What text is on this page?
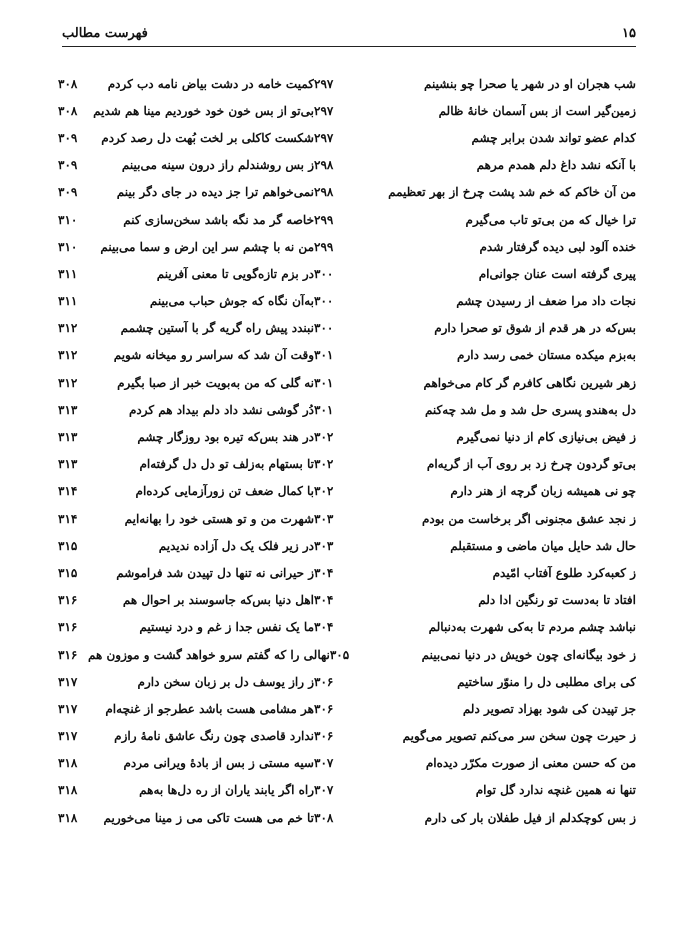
۱۵
فهرست مطالب
شب هجران او در شهر یا صحرا چو بنشینم
۲۹۷
کمیت خامه در دشت بیاض نامه دب کردم
۳۰۸
زمین‌گیر است از بس آسمان خانهٔ ظالم
۲۹۷
بی‌تو از بس خون خود خوردیم مینا هم شدیم
۳۰۸
کدام عضو تواند شدن برابر چشم
۲۹۷
شکست کاکلی بر لخت بُهت دل رصد کردم
۳۰۹
با آنکه نشد داغ دلم همدم مرهم
۲۹۸
ز بس روشندلم راز درون سینه می‌بینم
۳۰۹
من آن خاکم که خم شد پشت چرخ از بهر تعظیمم
۲۹۸
نمی‌خواهم ترا جز دیده در جای دگر بینم
۳۰۹
ترا خیال که من بی‌تو تاب می‌گیرم
۲۹۹
خاصه گر مد نگه باشد سخن‌سازی کنم
۳۱۰
خنده آلود لبی دیده گرفتار شدم
۲۹۹
من نه با چشم سر این ارض و سما می‌بینم
۳۱۰
پیری گرفته است عنان جوانی‌ام
۳۰۰
در بزم تازه‌گویی تا معنی آفرینم
۳۱۱
نجات داد مرا ضعف از رسیدن چشم
۳۰۰
به‌آن نگاه که جوش حباب می‌بینم
۳۱۱
بس‌که در هر قدم از شوق تو صحرا دارم
۳۰۰
نبندد پیش راه گریه گر با آستین چشمم
۳۱۲
به‌بزم میکده مستان خمی رسد دارم
۳۰۱
وقت آن شد که سراسر رو میخانه شویم
۳۱۲
زهر شیرین نگاهی کافرم گر کام می‌خواهم
۳۰۱
نه گلی که من به‌بویت خبر از صبا بگیرم
۳۱۲
دل به‌هندو پسری حل شد و مل شد چه‌کنم
۳۰۱
دُر گوشی نشد داد دلم بیداد هم کردم
۳۱۳
ز فیض بی‌نیازی کام از دنیا نمی‌گیرم
۳۰۲
در هند بس‌که تیره بود روزگار چشم
۳۱۳
بی‌تو گردون چرخ زد بر روی آب از گریه‌ام
۳۰۲
تا بستهام به‌زلف تو دل دل گرفته‌ام
۳۱۳
چو نی همیشه زبان گرچه از هنر دارم
۳۰۲
با کمال ضعف تن زورآزمایی کرده‌ام
۳۱۴
ز نجد عشق مجنونی اگر برخاست من بودم
۳۰۳
شهرت من و تو هستی خود را بهانه‌ایم
۳۱۴
حال شد حایل میان ماضی و مستقبلم
۳۰۳
در زیر فلک یک دل آزاده ندیدیم
۳۱۵
ز کعبه‌کرد طلوع آفتاب امّیدم
۳۰۴
ز حیرانی نه تنها دل تپیدن شد فراموشم
۳۱۵
افتاد تا به‌دست تو رنگین ادا دلم
۳۰۴
اهل دنیا بس‌که جاسوسند بر احوال هم
۳۱۶
نباشد چشم مردم تا به‌کی شهرت به‌دنبالم
۳۰۴
ما یک نفس جدا ز غم و درد نیستیم
۳۱۶
ز خود بیگانه‌ای چون خویش در دنیا نمی‌بینم
۳۰۵
نهالی را که گفتم سرو خواهد گشت و موزون هم
۳۱۶
کی برای مطلبی دل را منوّر ساختیم
۳۰۶
ز راز یوسف دل بر زبان سخن دارم
۳۱۷
جز تپیدن کی شود بهزاد تصویر دلم
۳۰۶
هر مشامی هست باشد عطرجو از غنچه‌ام
۳۱۷
ز حیرت چون سخن سر می‌کنم تصویر می‌گویم
۳۰۶
ندارد قاصدی چون رنگ عاشق نامهٔ رازم
۳۱۷
من که حسن معنی از صورت مکرّر دیده‌ام
۳۰۷
سیه مستی ز بس از بادهٔ ویرانی مردم
۳۱۸
تنها نه همین غنچه ندارد گل توام
۳۰۷
راه اگر یابند یاران از ره دل‌ها به‌هم
۳۱۸
ز بس کوچکدلم از فیل طفلان بار کی دارم
۳۰۸
تا خم می هست تاکی می ز مینا می‌خوریم
۳۱۸
